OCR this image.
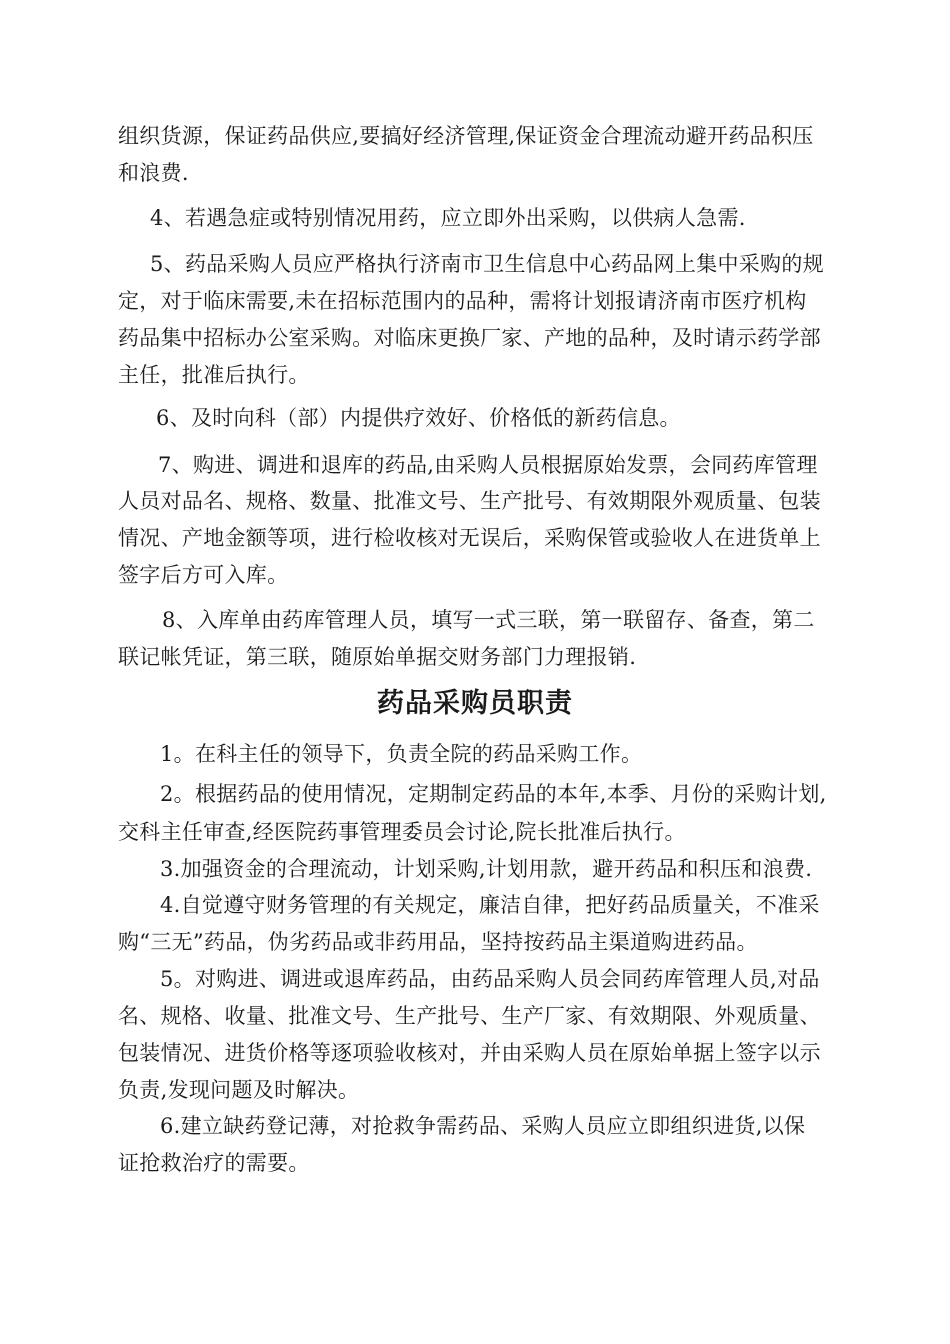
组织货源，保证药品供应,要搞好经济管理,保证资金合理流动避开药品积压
和浪费.
4、若遇急症或特别情况用药，应立即外出采购，以供病人急需.
5、药品采购人员应严格执行济南市卫生信息中心药品网上集中采购的规
定，对于临床需要,未在招标范围内的品种，需将计划报请济南市医疗机构
药品集中招标办公室采购。对临床更换厂家、产地的品种，及时请示药学部
主任，批准后执行。
6、及时向科（部）内提供疗效好、价格低的新药信息。
7、购进、调进和退库的药品,由采购人员根据原始发票，会同药库管理
人员对品名、规格、数量、批准文号、生产批号、有效期限外观质量、包装
情况、产地金额等项，进行检收核对无误后，采购保管或验收人在进货单上
签字后方可入库。
8、入库单由药库管理人员，填写一式三联，第一联留存、备查，第二
联记帐凭证，第三联，随原始单据交财务部门力理报销.
药品采购员职责
1。在科主任的领导下，负责全院的药品采购工作。
2。根据药品的使用情况，定期制定药品的本年,本季、月份的采购计划,
交科主任审查,经医院药事管理委员会讨论,院长批准后执行。
3.加强资金的合理流动，计划采购,计划用款，避开药品和积压和浪费.
4.自觉遵守财务管理的有关规定，廉洁自律，把好药品质量关，不准采
购“三无”药品，伪劣药品或非药用品，坚持按药品主渠道购进药品。
5。对购进、调进或退库药品，由药品采购人员会同药库管理人员,对品
名、规格、收量、批准文号、生产批号、生产厂家、有效期限、外观质量、
包装情况、进货价格等逐项验收核对，并由采购人员在原始单据上签字以示
负责,发现问题及时解决。
6.建立缺药登记薄，对抢救争需药品、采购人员应立即组织进货,以保
证抢救治疗的需要。
